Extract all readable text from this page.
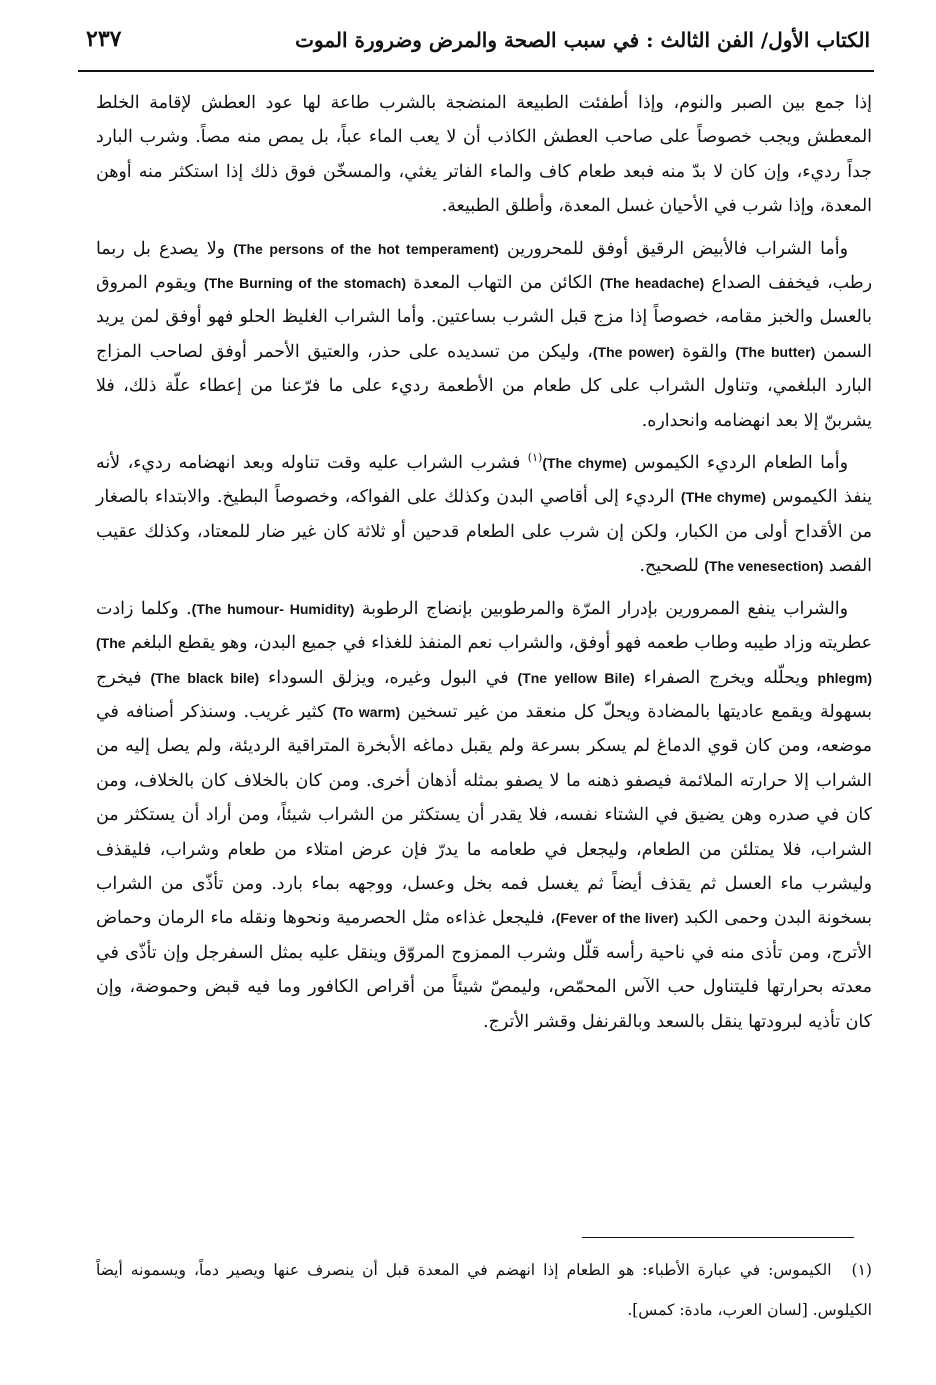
الكتاب الأول/ الفن الثالث : في سبب الصحة والمرض وضرورة الموت
٢٣٧

إذا جمع بين الصبر والنوم، وإذا أطفئت الطبيعة المنضجة بالشرب طاعة لها عود العطش لإقامة الخلط المعطش ويجب خصوصاً على صاحب العطش الكاذب أن لا يعب الماء عباً، بل يمص منه مصاً. وشرب البارد جداً رديء، وإن كان لا بدّ منه فبعد طعام كاف والماء الفاتر يغثي، والمسخّن فوق ذلك إذا استكثر منه أوهن المعدة، وإذا شرب في الأحيان غسل المعدة، وأطلق الطبيعة.

وأما الشراب فالأبيض الرقيق أوفق للمحرورين (The persons of the hot temperament) ولا يصدع بل ربما رطب، فيخفف الصداع (The headache) الكائن من التهاب المعدة (The Burning of the stomach) ويقوم المروق بالعسل والخبز مقامه، خصوصاً إذا مزج قبل الشرب بساعتين. وأما الشراب الغليظ الحلو فهو أوفق لمن يريد السمن (The butter) والقوة (The power)، وليكن من تسديده على حذر، والعتيق الأحمر أوفق لصاحب المزاج البارد البلغمي، وتناول الشراب على كل طعام من الأطعمة رديء على ما فرّعنا من إعطاء علّة ذلك، فلا يشربنّ إلا بعد انهضامه وانحداره.

وأما الطعام الرديء الكيموس (The chyme)$^{(١)}$ فشرب الشراب عليه وقت تناوله وبعد انهضامه رديء، لأنه ينفذ الكيموس (THe chyme) الرديء إلى أقاصي البدن وكذلك على الفواكه، وخصوصاً البطيخ. والابتداء بالصغار من الأقداح أولى من الكبار، ولكن إن شرب على الطعام قدحين أو ثلاثة كان غير ضار للمعتاد، وكذلك عقيب الفصد (The venesection) للصحيح.

والشراب ينفع الممرورين بإدرار المرّة والمرطوبين بإنضاج الرطوبة (The humour- Humidity). وكلما زادت عطريته وزاد طيبه وطاب طعمه فهو أوفق، والشراب نعم المنفذ للغذاء في جميع البدن، وهو يقطع البلغم (The phlegm) ويحلّله ويخرج الصفراء (Tne yellow Bile) في البول وغيره، ويزلق السوداء (The black bile) فيخرج بسهولة ويقمع عاديتها بالمضادة ويحلّ كل منعقد من غير تسخين (To warm) كثير غريب. وسنذكر أصنافه في موضعه، ومن كان قوي الدماغ لم يسكر بسرعة ولم يقبل دماغه الأبخرة المتراقية الرديئة، ولم يصل إليه من الشراب إلا حرارته الملائمة فيصفو ذهنه ما لا يصفو بمثله أذهان أخرى. ومن كان بالخلاف كان بالخلاف، ومن كان في صدره وهن يضيق في الشتاء نفسه، فلا يقدر أن يستكثر من الشراب شيئاً، ومن أراد أن يستكثر من الشراب، فلا يمتلئن من الطعام، وليجعل في طعامه ما يدرّ فإن عرض امتلاء من طعام وشراب، فليقذف وليشرب ماء العسل ثم يقذف أيضاً ثم يغسل فمه بخل وعسل، ووجهه بماء بارد. ومن تأذّى من الشراب بسخونة البدن وحمى الكبد (Fever of the liver)، فليجعل غذاءه مثل الحصرمية ونحوها ونقله ماء الرمان وحماض الأترج، ومن تأذى منه في ناحية رأسه قلّل وشرب الممزوج المروّق وينقل عليه بمثل السفرجل وإن تأذّى في معدته بحرارتها فليتناول حب الآس المحمّص، وليمصّ شيئاً من أقراص الكافور وما فيه قبض وحموضة، وإن كان تأذيه لبرودتها ينقل بالسعد وبالقرنفل وقشر الأترج.

(١) الكيموس: في عبارة الأطباء: هو الطعام إذا انهضم في المعدة قبل أن ينصرف عنها ويصير دماً، ويسمونه أيضاً الكيلوس. [لسان العرب، مادة: كمس].
